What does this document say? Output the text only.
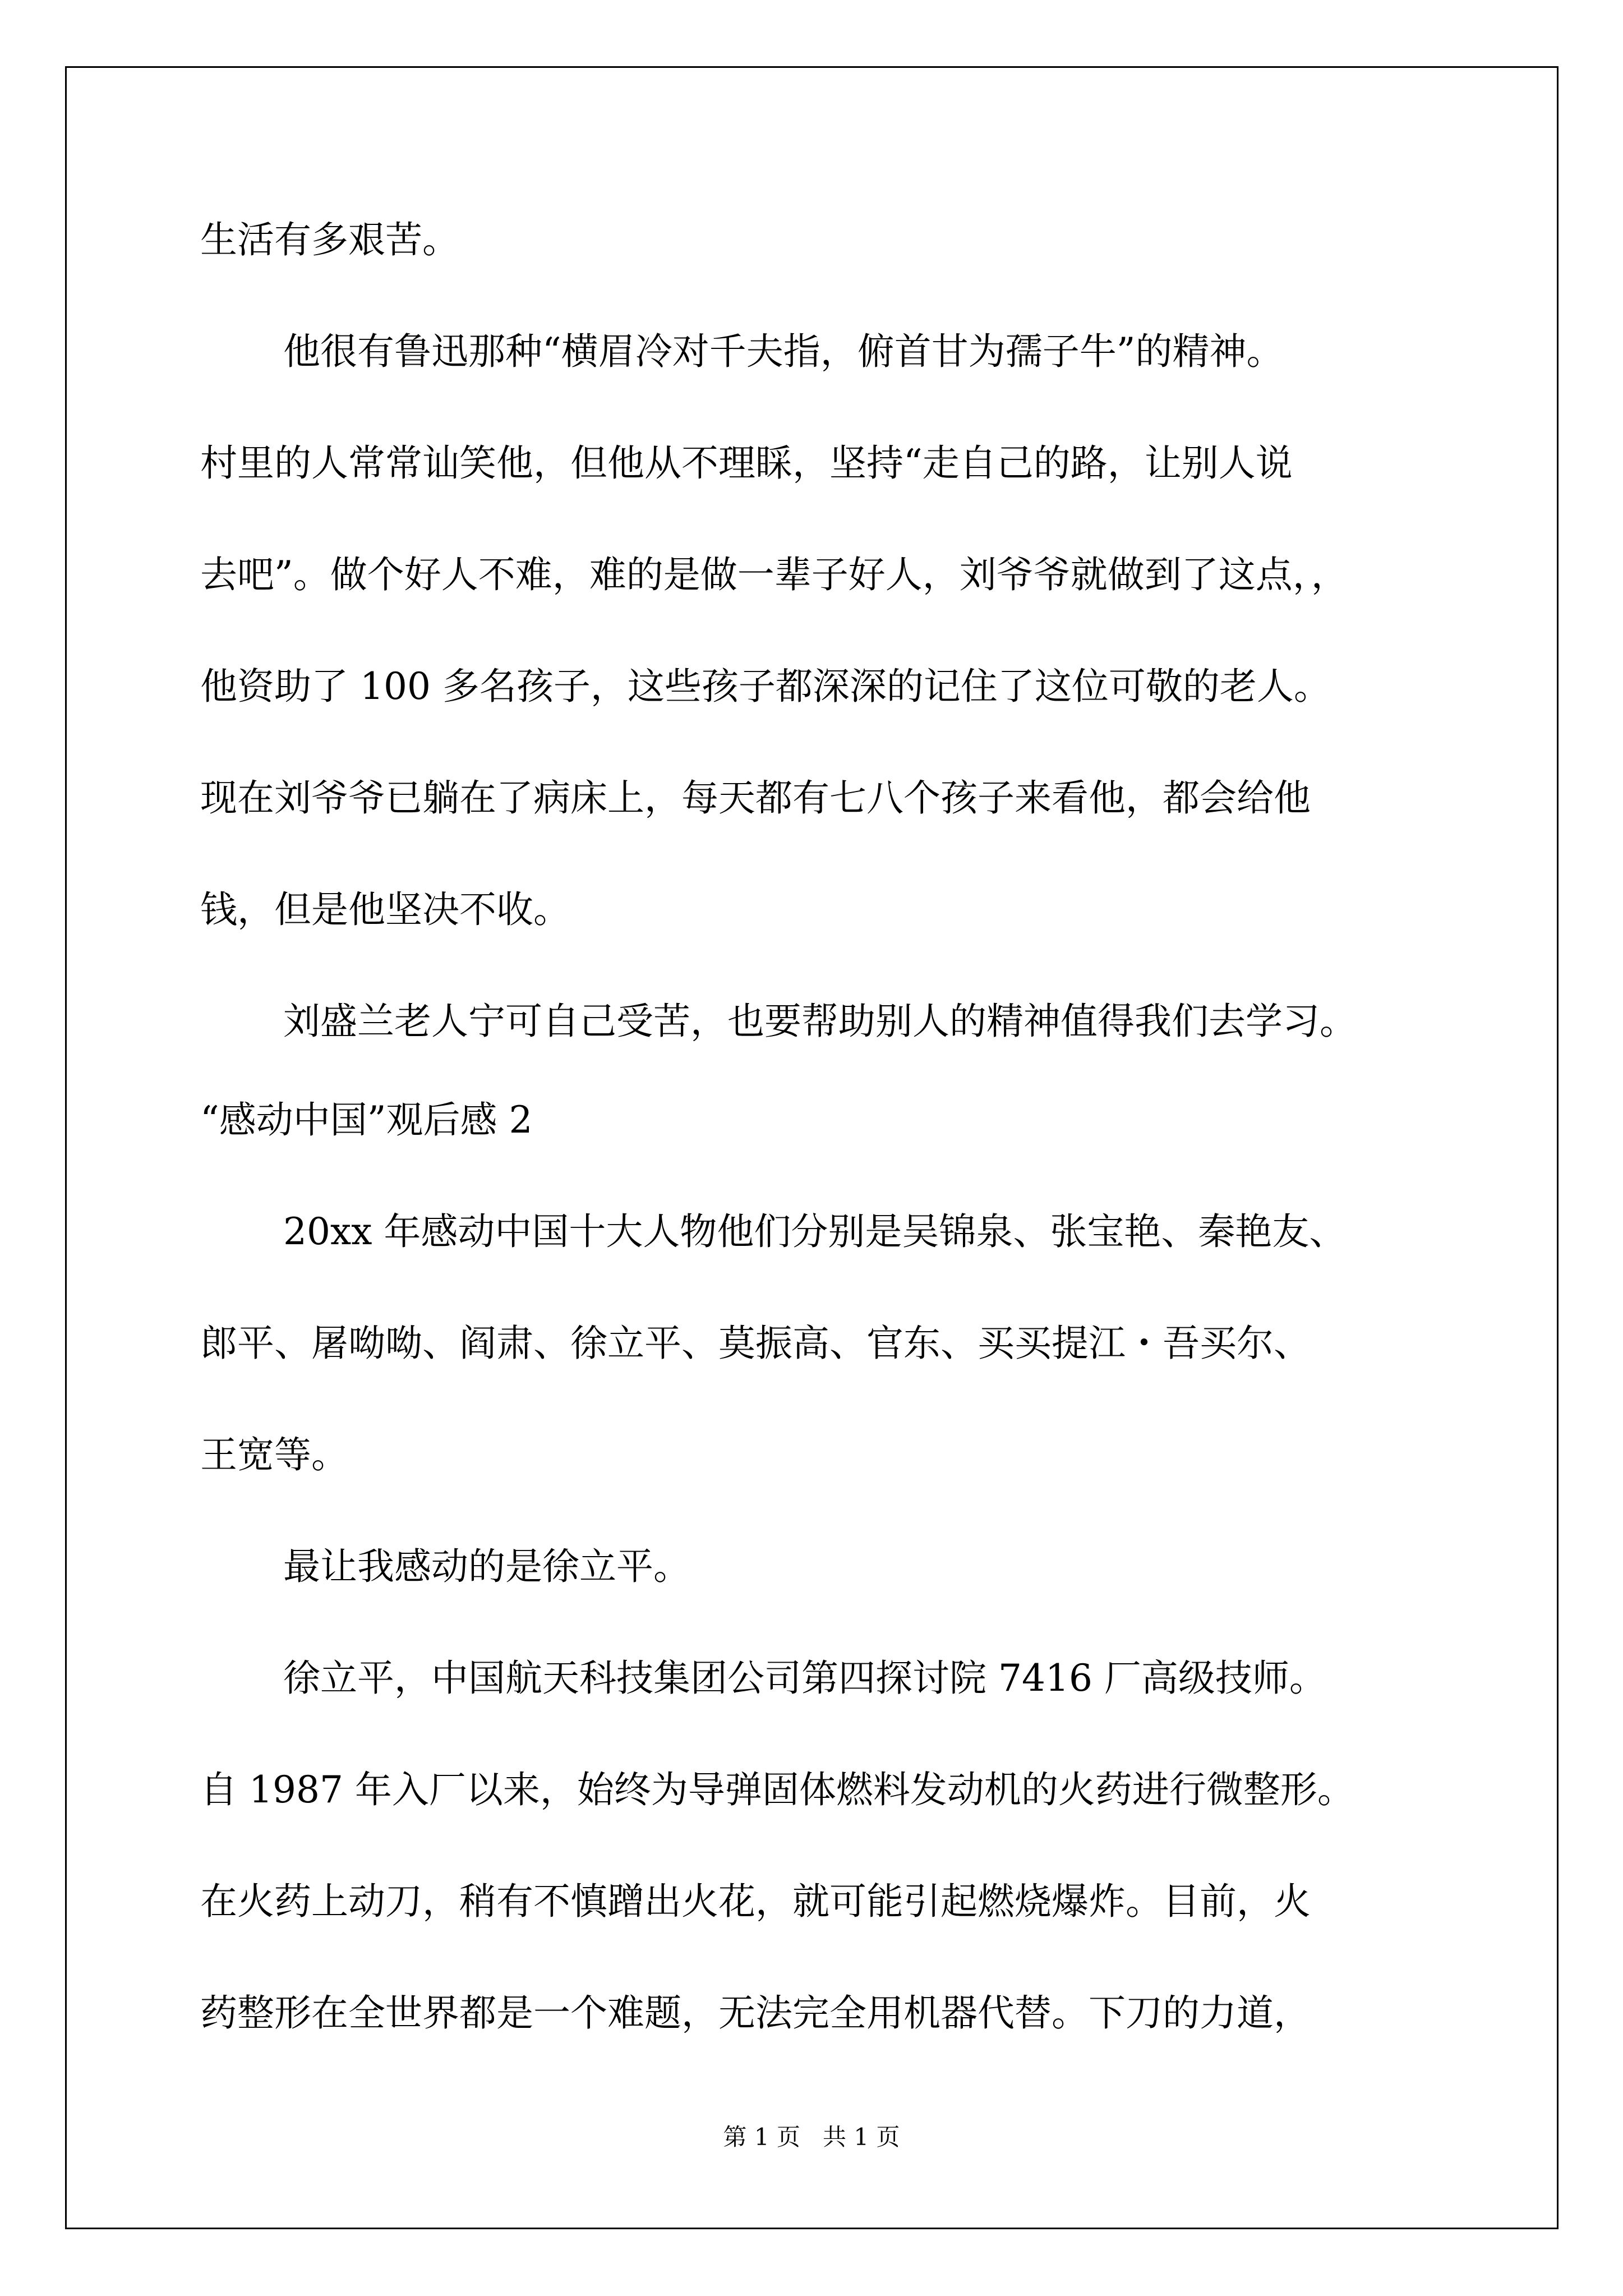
生活有多艰苦。
他很有鲁迅那种“横眉冷对千夫指，俯首甘为孺子牛”的精神。
村里的人常常讪笑他，但他从不理睬，坚持“走自己的路，让别人说
去吧”。做个好人不难，难的是做一辈子好人，刘爷爷就做到了这点，，
他资助了 100 多名孩子，这些孩子都深深的记住了这位可敬的老人。
现在刘爷爷已躺在了病床上，每天都有七八个孩子来看他，都会给他
钱，但是他坚决不收。
刘盛兰老人宁可自己受苦，也要帮助别人的精神值得我们去学习。
“感动中国”观后感 2
20xx 年感动中国十大人物他们分别是吴锦泉、张宝艳、秦艳友、
郎平、屠呦呦、阎肃、徐立平、莫振高、官东、买买提江・吾买尔、
王宽等。
最让我感动的是徐立平。
徐立平，中国航天科技集团公司第四探讨院 7416 厂高级技师。
自 1987 年入厂以来，始终为导弹固体燃料发动机的火药进行微整形。
在火药上动刀，稍有不慎蹭出火花，就可能引起燃烧爆炸。目前，火
药整形在全世界都是一个难题，无法完全用机器代替。下刀的力道，
第 1 页   共 1 页
